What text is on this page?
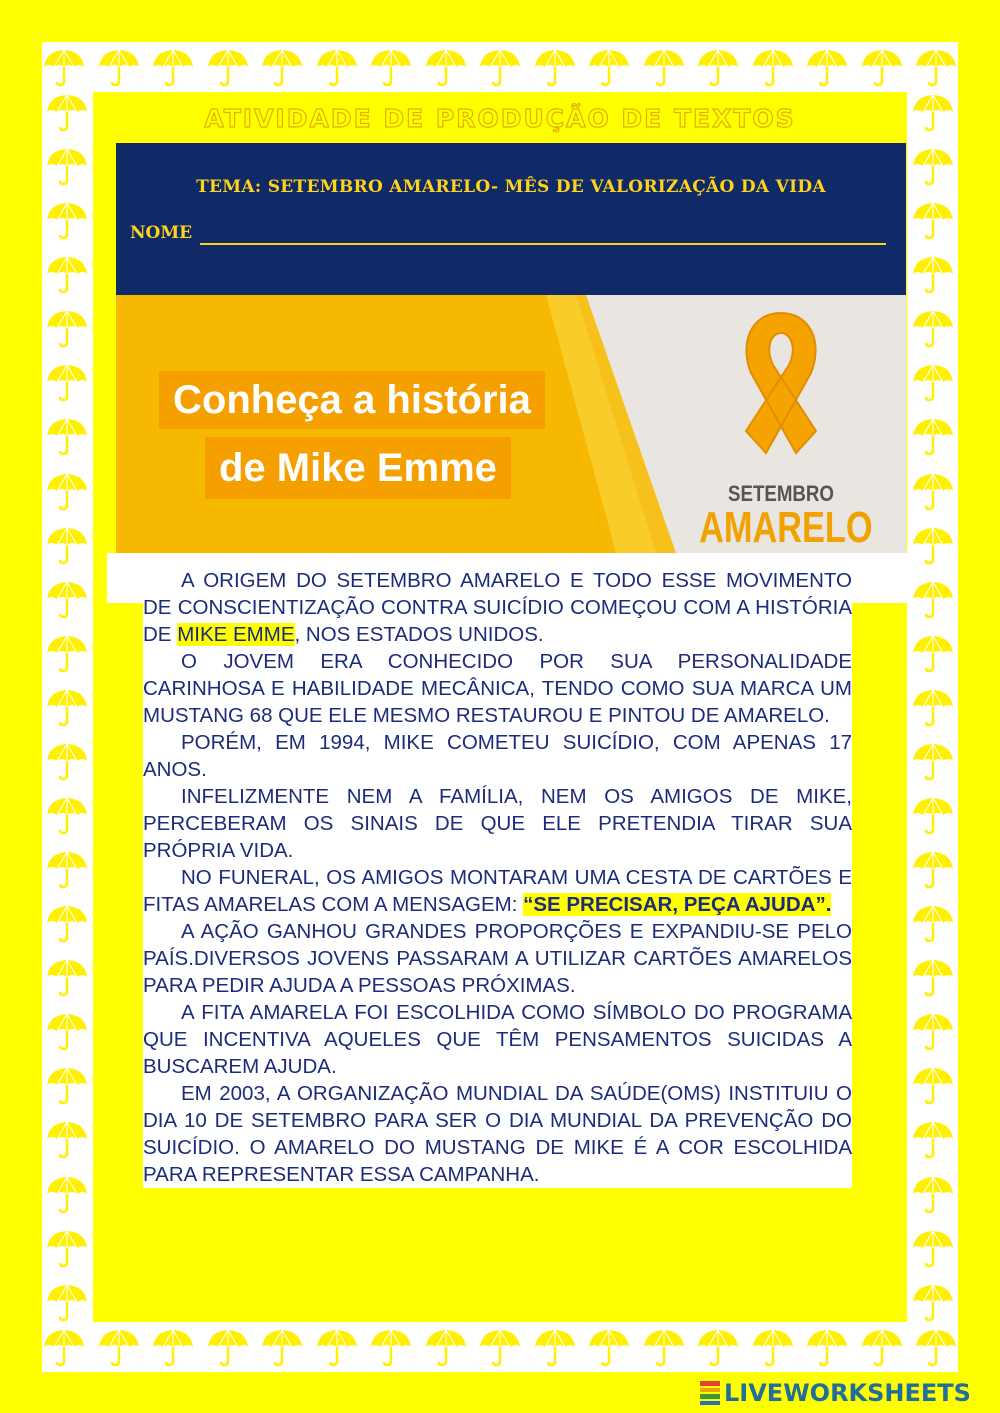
ATIVIDADE DE PRODUÇÃO DE TEXTOS
TEMA: SETEMBRO AMARELO- MÊS DE VALORIZAÇÃO DA VIDA
NOME
Conheça a história
de Mike Emme
SETEMBRO
AMARELO

A ORIGEM DO SETEMBRO AMARELO E TODO ESSE MOVIMENTO DE CONSCIENTIZAÇÃO CONTRA SUICÍDIO COMEÇOU COM A HISTÓRIA DE MIKE EMME, NOS ESTADOS UNIDOS.

O JOVEM ERA CONHECIDO POR SUA PERSONALIDADE CARINHOSA E HABILIDADE MECÂNICA, TENDO COMO SUA MARCA UM MUSTANG 68 QUE ELE MESMO RESTAUROU E PINTOU DE AMARELO.

PORÉM, EM 1994, MIKE COMETEU SUICÍDIO, COM APENAS 17 ANOS.

INFELIZMENTE NEM A FAMÍLIA, NEM OS AMIGOS DE MIKE, PERCEBERAM OS SINAIS DE QUE ELE PRETENDIA TIRAR SUA PRÓPRIA VIDA.

NO FUNERAL, OS AMIGOS MONTARAM UMA CESTA DE CARTÕES E FITAS AMARELAS COM A MENSAGEM: “SE PRECISAR, PEÇA AJUDA”.

A AÇÃO GANHOU GRANDES PROPORÇÕES E EXPANDIU-SE PELO PAÍS.DIVERSOS JOVENS PASSARAM A UTILIZAR CARTÕES AMARELOS PARA PEDIR AJUDA A PESSOAS PRÓXIMAS.

A FITA AMARELA FOI ESCOLHIDA COMO SÍMBOLO DO PROGRAMA QUE INCENTIVA AQUELES QUE TÊM PENSAMENTOS SUICIDAS A BUSCAREM AJUDA.

EM 2003, A ORGANIZAÇÃO MUNDIAL DA SAÚDE(OMS) INSTITUIU O DIA 10 DE SETEMBRO PARA SER O DIA MUNDIAL DA PREVENÇÃO DO SUICÍDIO. O AMARELO DO MUSTANG DE MIKE É A COR ESCOLHIDA PARA REPRESENTAR ESSA CAMPANHA.

LIVEWORKSHEETS
